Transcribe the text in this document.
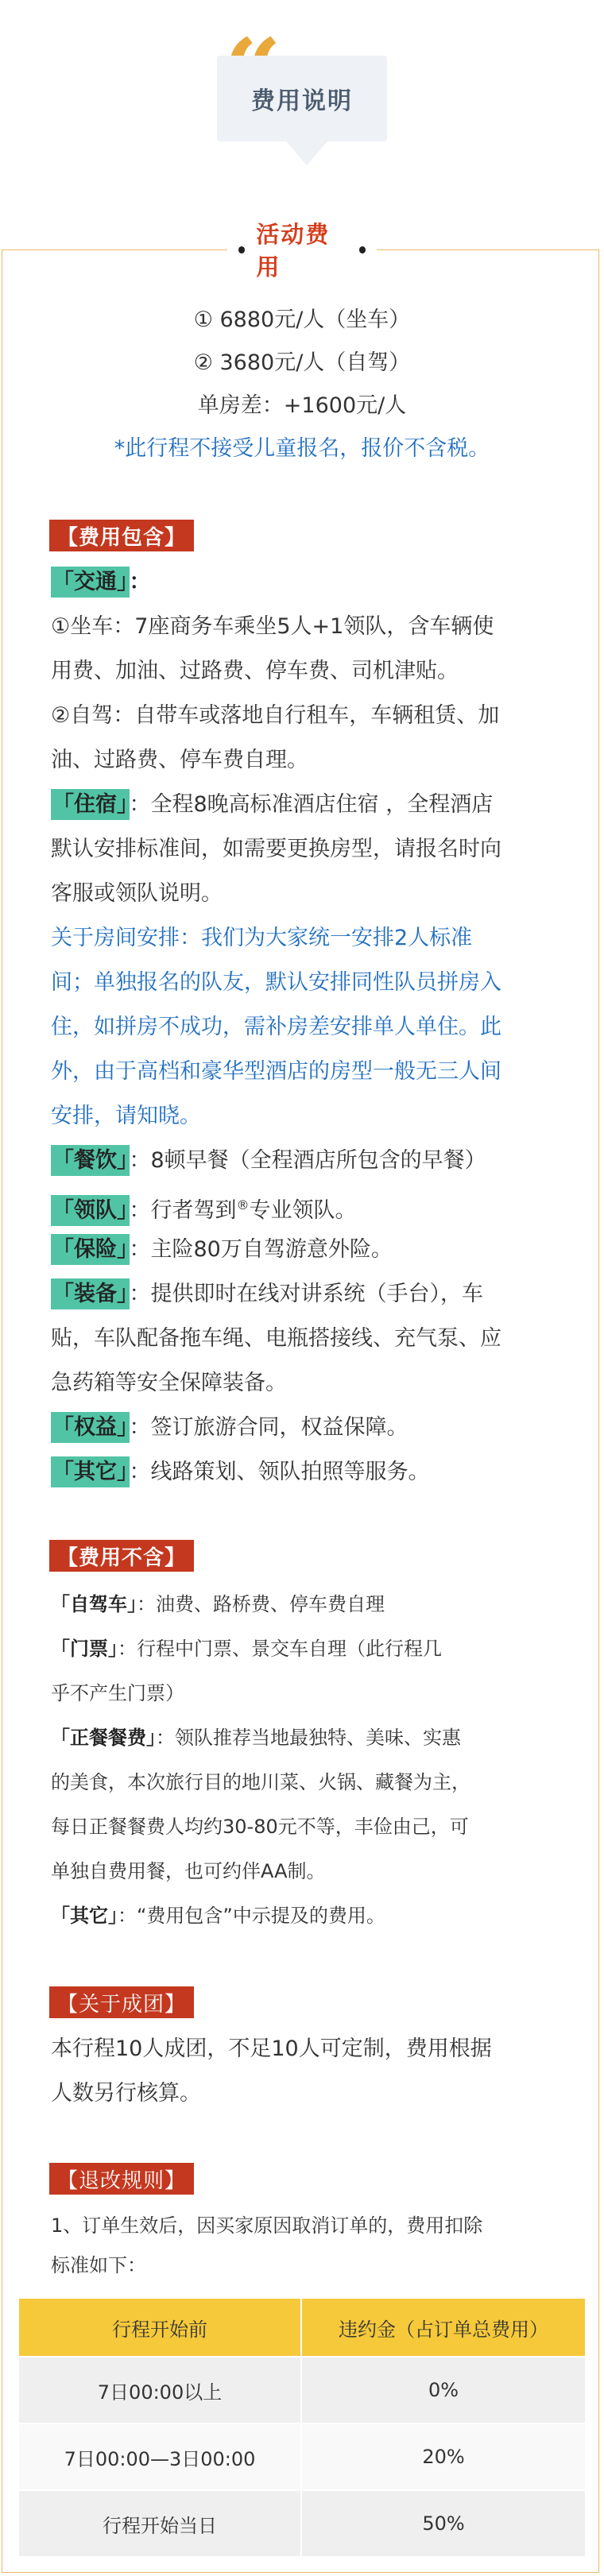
费用说明
活动费用
① 6880元/人（坐车）
② 3680元/人（自驾）
单房差：+1600元/人
*此行程不接受儿童报名，报价不含税。
【费用包含】
「交通」：
①坐车：7座商务车乘坐5人+1领队，含车辆使
用费、加油、过路费、停车费、司机津贴。
②自驾：自带车或落地自行租车，车辆租赁、加
油、过路费、停车费自理。
「住宿」：全程8晚高标准酒店住宿 ，全程酒店
默认安排标准间，如需要更换房型，请报名时向
客服或领队说明。
关于房间安排：我们为大家统一安排2人标准
间；单独报名的队友，默认安排同性队员拼房入
住，如拼房不成功，需补房差安排单人单住。此
外，由于高档和豪华型酒店的房型一般无三人间
安排，请知晓。
「餐饮」：8顿早餐（全程酒店所包含的早餐）
「领队」：行者驾到®专业领队。
「保险」：主险80万自驾游意外险。
「装备」：提供即时在线对讲系统（手台），车
贴，车队配备拖车绳、电瓶搭接线、充气泵、应
急药箱等安全保障装备。
「权益」：签订旅游合同，权益保障。
「其它」：线路策划、领队拍照等服务。
【费用不含】
「自驾车」：油费、路桥费、停车费自理
「门票」：行程中门票、景交车自理（此行程几
乎不产生门票）
「正餐餐费」：领队推荐当地最独特、美味、实惠
的美食，本次旅行目的地川菜、火锅、藏餐为主，
每日正餐餐费人均约30-80元不等，丰俭由己，可
单独自费用餐，也可约伴AA制。
「其它」：“费用包含”中示提及的费用。
【关于成团】
本行程10人成团，不足10人可定制，费用根据
人数另行核算。
【退改规则】
1、订单生效后，因买家原因取消订单的，费用扣除
标准如下：
行程开始前	违约金（占订单总费用）
7日00:00以上	0%
7日00:00—3日00:00	20%
行程开始当日	50%
